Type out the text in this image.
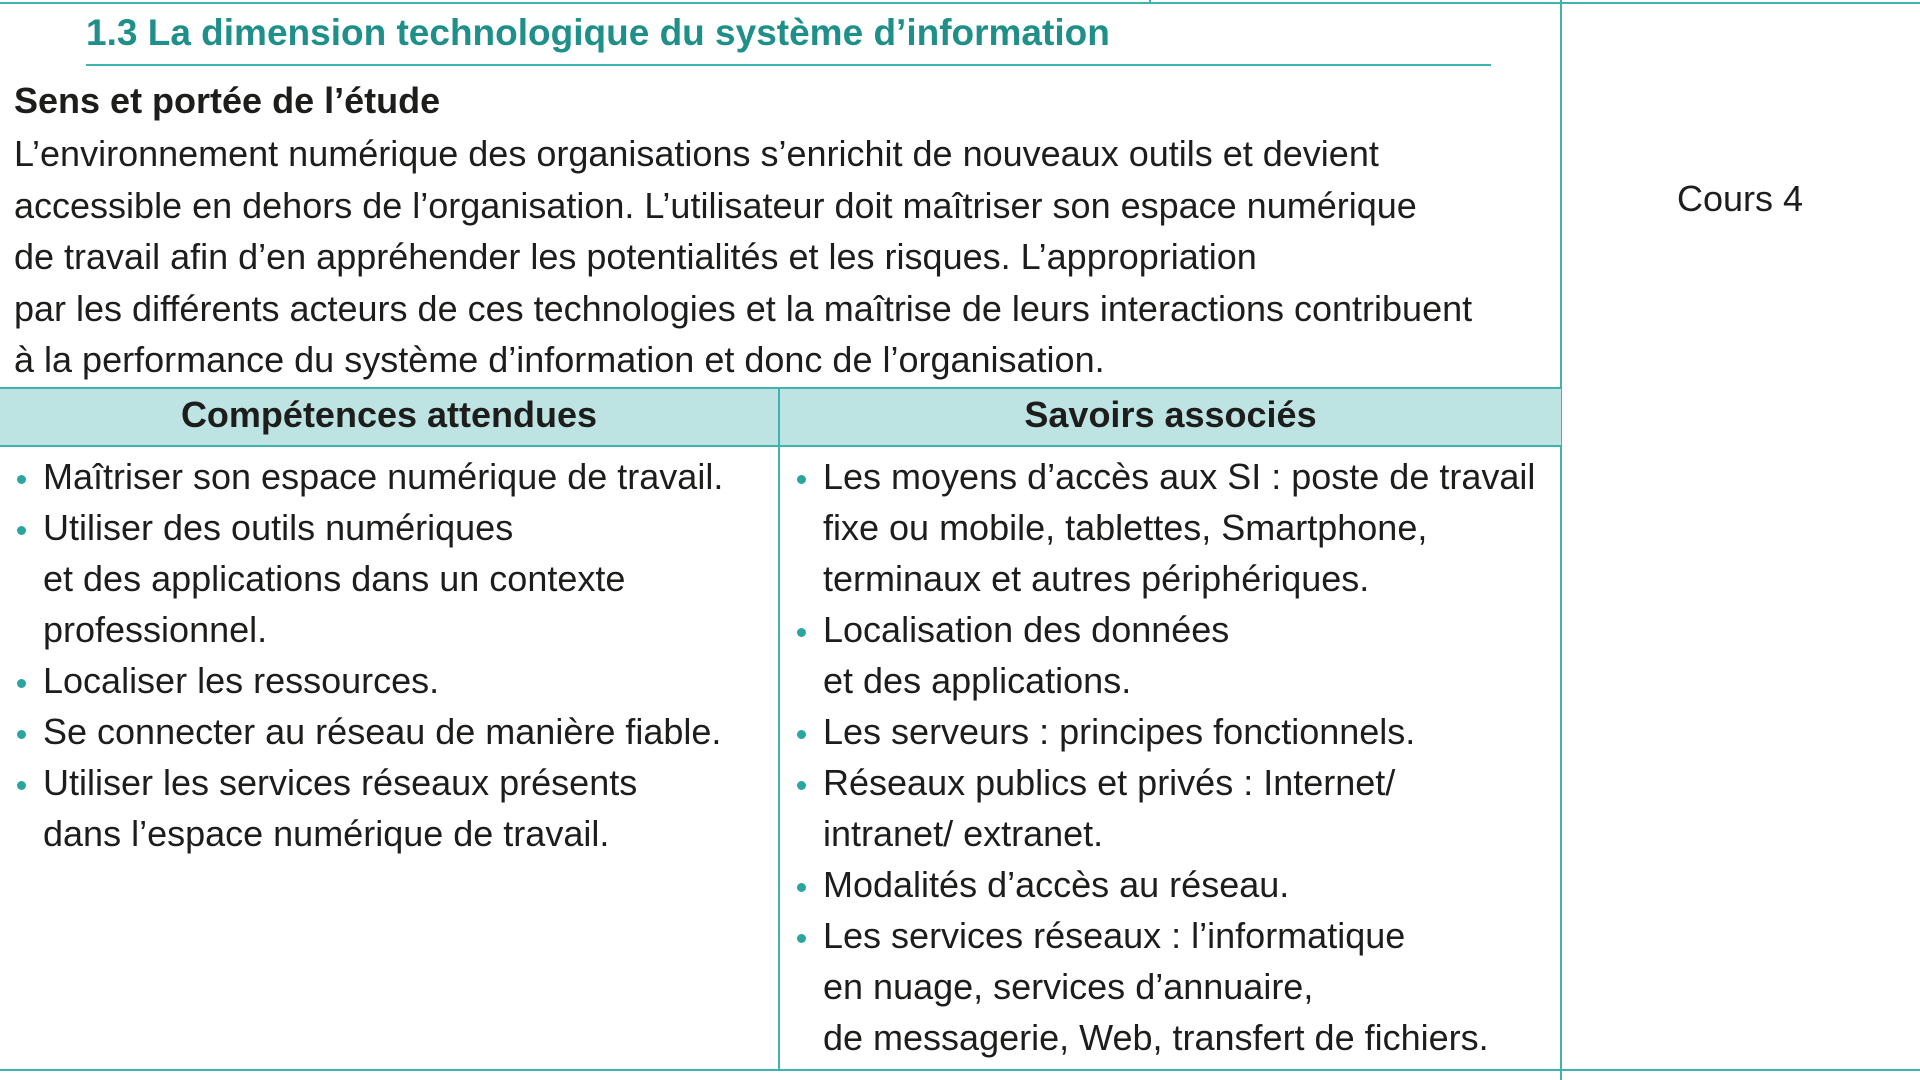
1.3 La dimension technologique du système d’information
Sens et portée de l’étude

L’environnement numérique des organisations s’enrichit de nouveaux outils et devient
accessible en dehors de l’organisation. L’utilisateur doit maîtriser son espace numérique
de travail afin d’en appréhender les potentialités et les risques. L’appropriation
par les différents acteurs de ces technologies et la maîtrise de leurs interactions contribuent
à la performance du système d’information et donc de l’organisation.

Cours 4
Compétences attendues	Savoirs associés
Maîtriser son espace numérique de travail.
Utiliser des outils numériques
et des applications dans un contexte
professionnel.
Localiser les ressources.
Se connecter au réseau de manière fiable.
Utiliser les services réseaux présents
dans l’espace numérique de travail.
Les moyens d’accès aux SI : poste de travail
fixe ou mobile, tablettes, Smartphone,
terminaux et autres périphériques.
Localisation des données
et des applications.
Les serveurs : principes fonctionnels.
Réseaux publics et privés : Internet/
intranet/ extranet.
Modalités d’accès au réseau.
Les services réseaux : l’informatique
en nuage, services d’annuaire,
de messagerie, Web, transfert de fichiers.
